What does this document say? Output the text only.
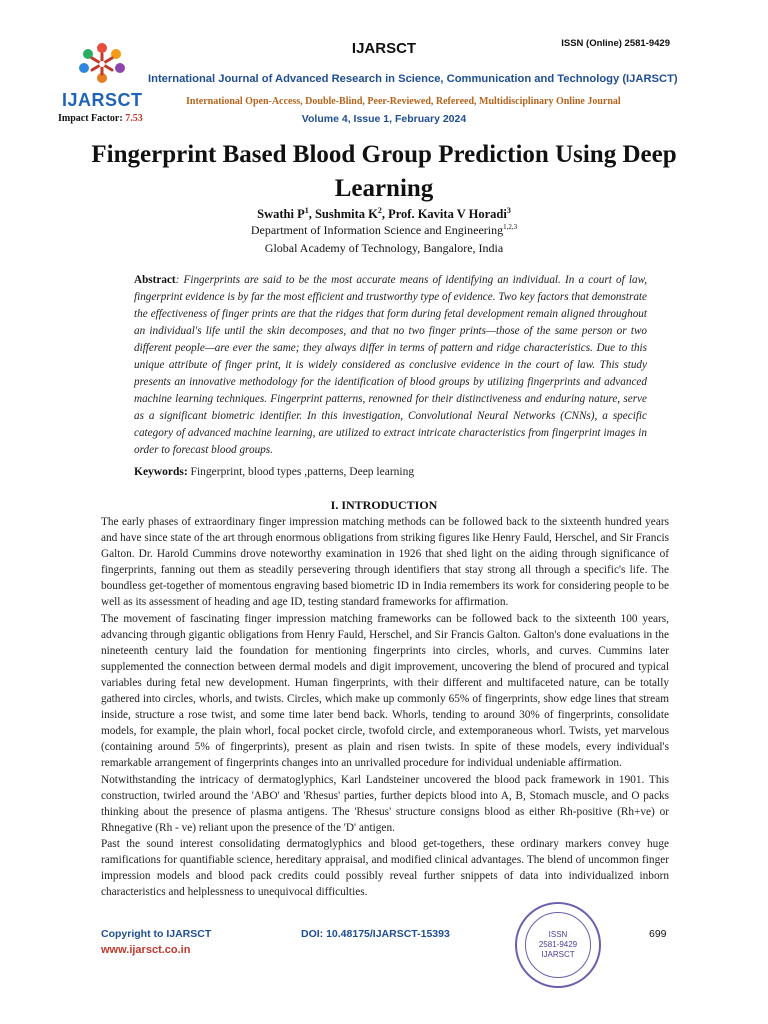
IJARSCT
Impact Factor: 7.53
IJARSCT	ISSN (Online) 2581-9429
International Journal of Advanced Research in Science, Communication and Technology (IJARSCT)
International Open-Access, Double-Blind, Peer-Reviewed, Refereed, Multidisciplinary Online Journal
Volume 4, Issue 1, February 2024
Fingerprint Based Blood Group Prediction Using Deep Learning
Swathi $P^1$, Sushmita $K^2$, Prof. Kavita V Horadi$^3$
Department of Information Science and Engineering$^{1,2,3}$
Global Academy of Technology, Bangalore, India
Abstract: Fingerprints are said to be the most accurate means of identifying an individual. In a court of law, fingerprint evidence is by far the most efficient and trustworthy type of evidence. Two key factors that demonstrate the effectiveness of finger prints are that the ridges that form during fetal development remain aligned throughout an individual's life until the skin decomposes, and that no two finger prints—those of the same person or two different people—are ever the same; they always differ in terms of pattern and ridge characteristics. Due to this unique attribute of finger print, it is widely considered as conclusive evidence in the court of law. This study presents an innovative methodology for the identification of blood groups by utilizing fingerprints and advanced machine learning techniques. Fingerprint patterns, renowned for their distinctiveness and enduring nature, serve as a significant biometric identifier. In this investigation, Convolutional Neural Networks (CNNs), a specific category of advanced machine learning, are utilized to extract intricate characteristics from fingerprint images in order to forecast blood groups.
Keywords: Fingerprint, blood types ,patterns, Deep learning
I. INTRODUCTION

The early phases of extraordinary finger impression matching methods can be followed back to the sixteenth hundred years and have since state of the art through enormous obligations from striking figures like Henry Fauld, Herschel, and Sir Francis Galton. Dr. Harold Cummins drove noteworthy examination in 1926 that shed light on the aiding through significance of fingerprints, fanning out them as steadily persevering through identifiers that stay strong all through a specific's life. The boundless get-together of momentous engraving based biometric ID in India remembers its work for considering people to be well as its assessment of heading and age ID, testing standard frameworks for affirmation.

The movement of fascinating finger impression matching frameworks can be followed back to the sixteenth 100 years, advancing through gigantic obligations from Henry Fauld, Herschel, and Sir Francis Galton. Galton's done evaluations in the nineteenth century laid the foundation for mentioning fingerprints into circles, whorls, and curves. Cummins later supplemented the connection between dermal models and digit improvement, uncovering the blend of procured and typical variables during fetal new development. Human fingerprints, with their different and multifaceted nature, can be totally gathered into circles, whorls, and twists. Circles, which make up commonly 65% of fingerprints, show edge lines that stream inside, structure a rose twist, and some time later bend back. Whorls, tending to around 30% of fingerprints, consolidate models, for example, the plain whorl, focal pocket circle, twofold circle, and extemporaneous whorl. Twists, yet marvelous (containing around 5% of fingerprints), present as plain and risen twists. In spite of these models, every individual's remarkable arrangement of fingerprints changes into an unrivalled procedure for individual undeniable affirmation.

Notwithstanding the intricacy of dermatoglyphics, Karl Landsteiner uncovered the blood pack framework in 1901. This construction, twirled around the 'ABO' and 'Rhesus' parties, further depicts blood into A, B, Stomach muscle, and O packs thinking about the presence of plasma antigens. The 'Rhesus' structure consigns blood as either Rh-positive (Rh+ve) or Rhnegative (Rh - ve) reliant upon the presence of the 'D' antigen.

Past the sound interest consolidating dermatoglyphics and blood get-togethers, these ordinary markers convey huge ramifications for quantifiable science, hereditary appraisal, and modified clinical advantages. The blend of uncommon finger impression models and blood pack credits could possibly reveal further snippets of data into individualized inborn characteristics and helplessness to unequivocal difficulties.

Copyright to IJARSCT
www.ijarsct.co.in
DOI: 10.48175/IJARSCT-15393	699
ISSN
2581-9429
IJARSCT
